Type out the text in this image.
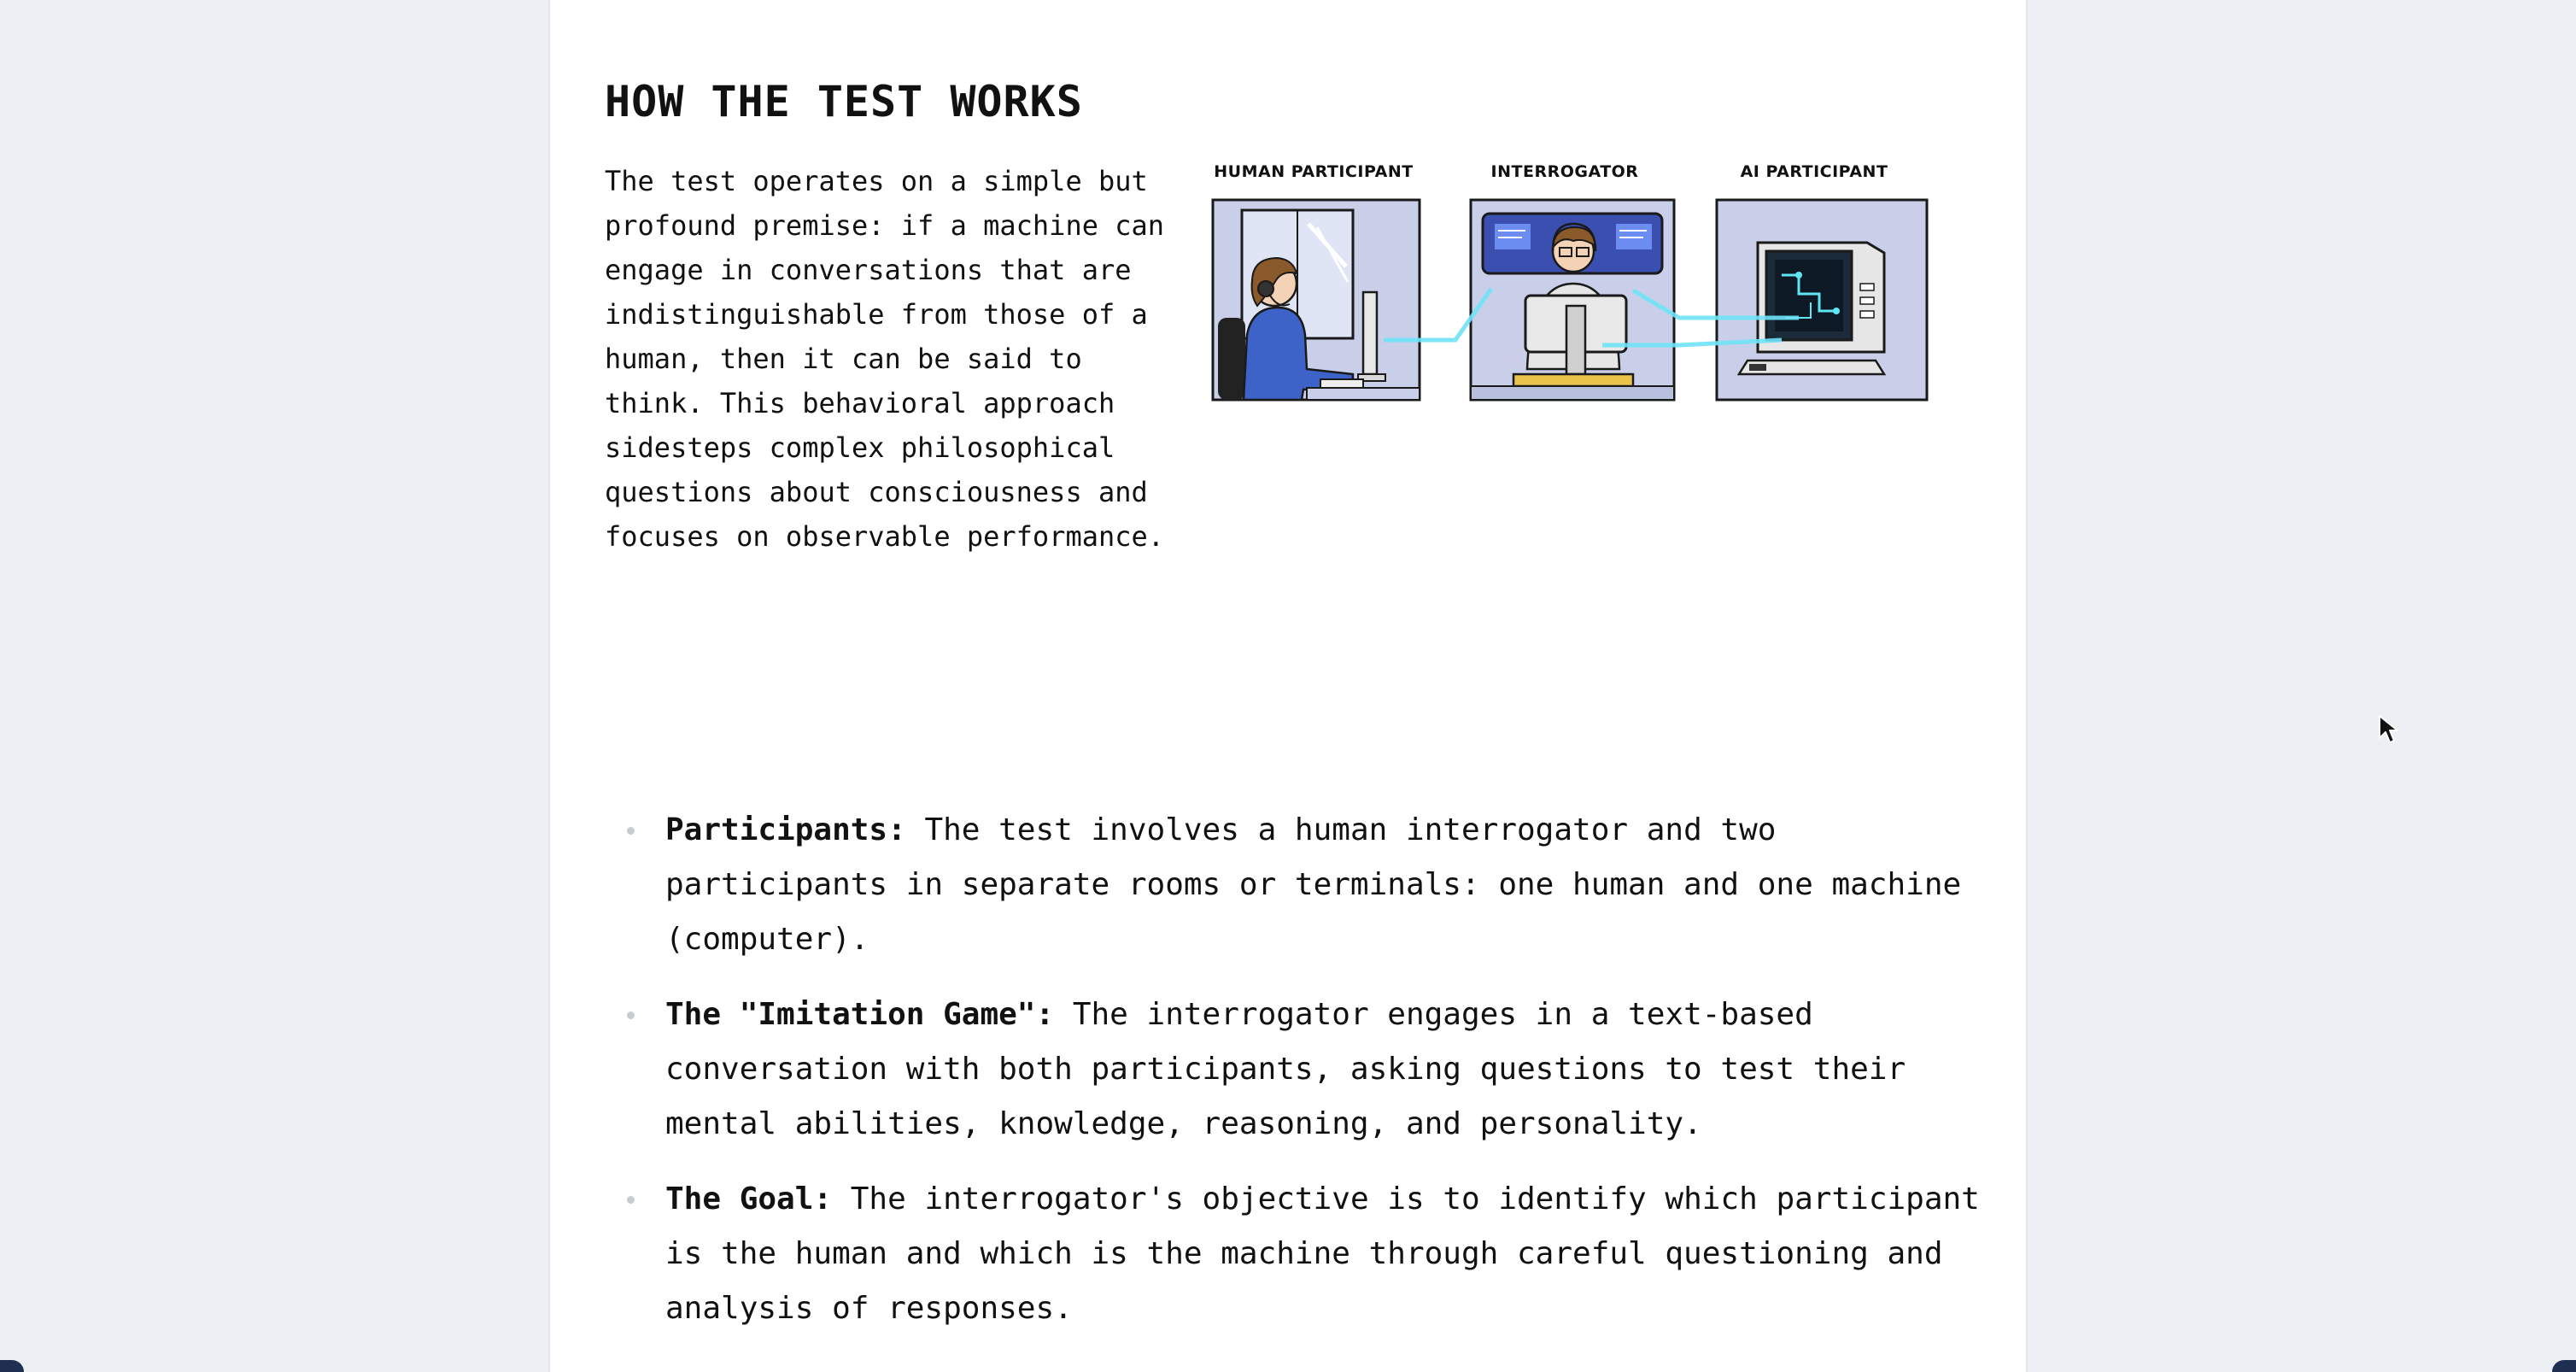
HOW THE TEST WORKS

The test operates on a simple but profound premise: if a machine can engage in conversations that are indistinguishable from those of a human, then it can be said to think. This behavioral approach sidesteps complex philosophical questions about consciousness and focuses on observable performance.

HUMAN PARTICIPANT	INTERROGATOR	AI PARTICIPANT
Participants: The test involves a human interrogator and two participants in separate rooms or terminals: one human and one machine (computer).
The "Imitation Game": The interrogator engages in a text-based conversation with both participants, asking questions to test their mental abilities, knowledge, reasoning, and personality.
The Goal: The interrogator's objective is to identify which participant is the human and which is the machine through careful questioning and analysis of responses.
